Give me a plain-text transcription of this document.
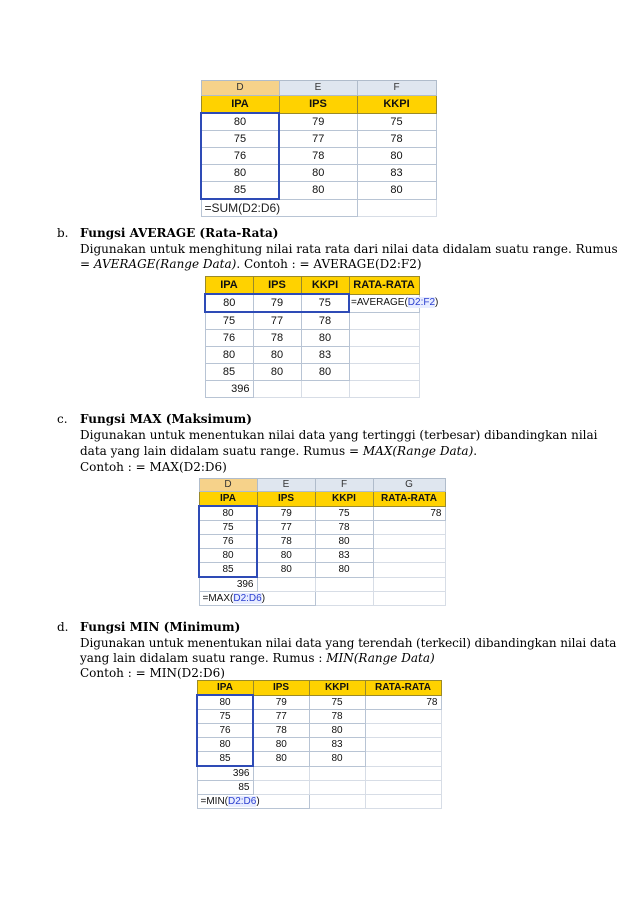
D	E	F
IPA	IPS	KKPI
80	79	75
75	77	78
76	78	80
80	80	83
85	80	80
=SUM(D2:D6)		
b. Fungsi AVERAGE (Rata-Rata)
Digunakan untuk menghitung nilai rata rata dari nilai data didalam suatu range. Rumus
= AVERAGE(Range Data). Contoh : = AVERAGE(D2:F2)
IPA	IPS	KKPI	RATA-RATA
80	79	75	=AVERAGE(D2:F2)
75	77	78	
76	78	80	
80	80	83	
85	80	80	
396			
c. Fungsi MAX (Maksimum)
Digunakan untuk menentukan nilai data yang tertinggi (terbesar) dibandingkan nilai
data yang lain didalam suatu range. Rumus = MAX(Range Data).
Contoh : = MAX(D2:D6)
D	E	F	G
IPA	IPS	KKPI	RATA-RATA
80	79	75	78
75	77	78	
76	78	80	
80	80	83	
85	80	80	
396			
=MAX(D2:D6)			
d. Fungsi MIN (Minimum)
Digunakan untuk menentukan nilai data yang terendah (terkecil) dibandingkan nilai data
yang lain didalam suatu range. Rumus : MIN(Range Data)
Contoh : = MIN(D2:D6)
IPA	IPS	KKPI	RATA-RATA
80	79	75	78
75	77	78	
76	78	80	
80	80	83	
85	80	80	
396			
85			
=MIN(D2:D6)			
